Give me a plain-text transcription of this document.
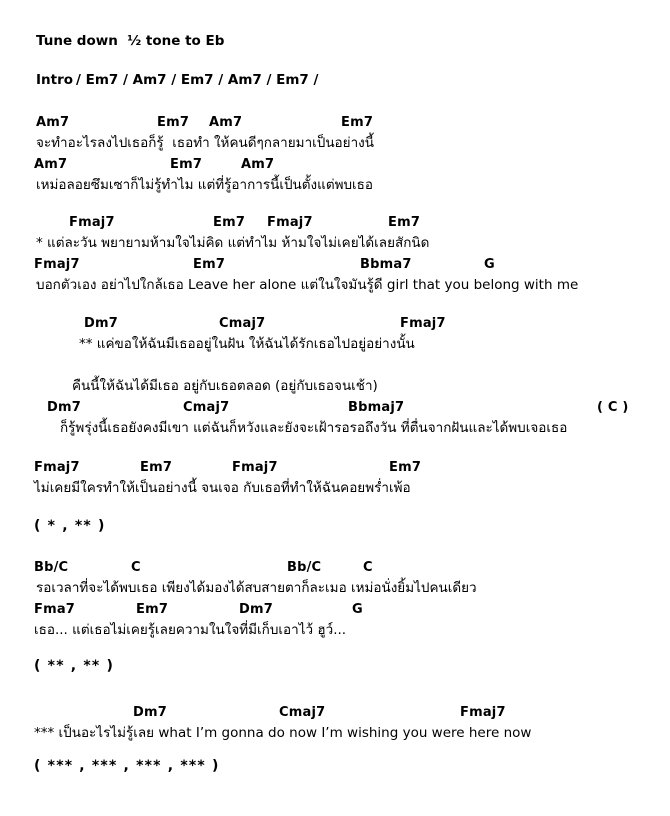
Tune down  ½ tone to Eb
Intro / Em7 / Am7 / Em7 / Am7 / Em7 /

Am7

	Em7

Am7

	Em7

จะทำอะไรลงไปเธอก็รู้  เธอทำ ให้คนดีๆกลายมาเป็นอย่างนี้

Am7

	Em7

	Am7

เหม่อลอยซึมเซาก็ไม่รู้ทำไม แต่ที่รู้อาการนี้เป็นตั้งแต่พบเธอ

Fmaj7

	Em7

Fmaj7

	Em7

* แต่ละวัน พยายามห้ามใจไม่คิด แต่ทำไม ห้ามใจไม่เคยได้เลยสักนิด

Fmaj7

	Em7

	Bbma7

	G

บอกตัวเอง อย่าไปใกล้เธอ Leave her alone แต่ในใจมันรู้ดี girl that you belong with me

Dm7

	Cmaj7

	Fmaj7

** แค่ขอให้ฉันมีเธออยู่ในฝัน ให้ฉันได้รักเธอไปอยู่อย่างนั้น

คืนนี้ให้ฉันได้มีเธอ อยู่กับเธอตลอด (อยู่กับเธอจนเช้า)

Dm7

	Cmaj7

	Bbmaj7

	( C )

ก็รู้พรุ่งนี้เธอยังคงมีเขา แต่ฉันก็หวังและยังจะเฝ้ารอรอถึงวัน ที่ตื่นจากฝันและได้พบเจอเธอ

Fmaj7

	Em7

	Fmaj7

	Em7

ไม่เคยมีใครทำให้เป็นอย่างนี้ จนเจอ กับเธอที่ทำให้ฉันคอยพร่ำเพ้อ

( * , ** )

Bb/C

	C

	Bb/C

	C

รอเวลาที่จะได้พบเธอ เพียงได้มองได้สบสายตาก็ละเมอ เหม่อนั่งยิ้มไปคนเดียว

Fma7

	Em7

	Dm7

	G

เธอ... แต่เธอไม่เคยรู้เลยความในใจที่มีเก็บเอาไว้ ฮูว์...

( ** , ** )

Dm7

	Cmaj7

	Fmaj7

*** เป็นอะไรไม่รู้เลย what I’m gonna do now I’m wishing you were here now

( *** , *** , *** , *** )
